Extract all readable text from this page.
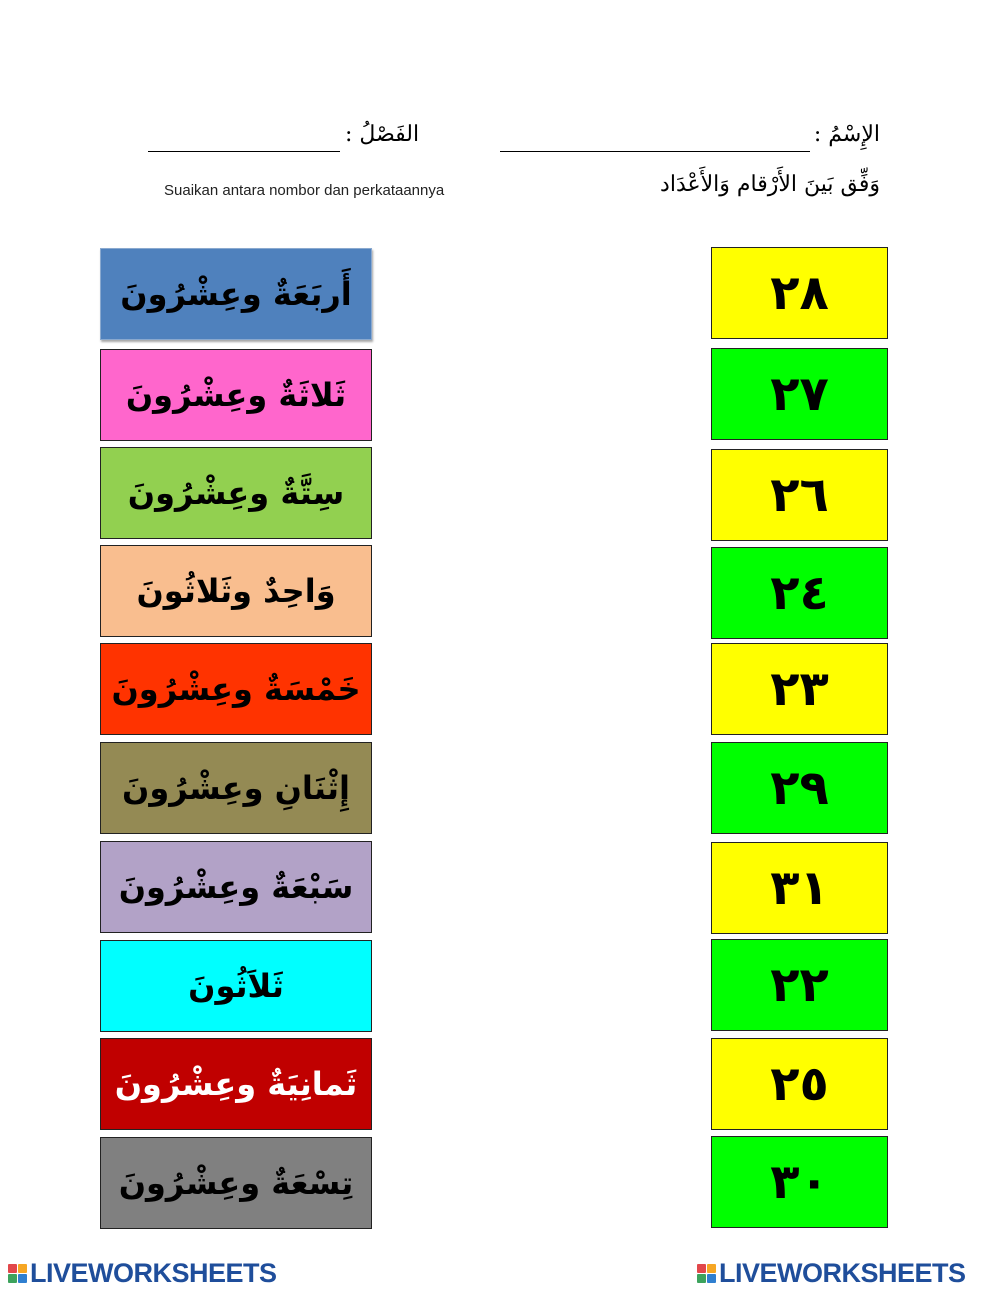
الإِسْمُ :
الفَصْلُ :
وَفِّق بَينَ الأَرْقام وَالأَعْدَاد
Suaikan antara nombor dan perkataannya
أَربَعَةٌ وعِشْرُونَ
ثَلاثَةٌ وعِشْرُونَ
سِتَّةٌ وعِشْرُونَ
وَاحِدٌ وثَلاثُونَ
خَمْسَةٌ وعِشْرُونَ
إِثْنَانِ وعِشْرُونَ
سَبْعَةٌ وعِشْرُونَ
ثَلاَثُونَ
ثَمانِيَةٌ وعِشْرُونَ
تِسْعَةٌ وعِشْرُونَ
٢٨
٢٧
٢٦
٢٤
٢٣
٢٩
٣١
٢٢
٢٥
٣٠
LIVEWORKSHEETS	LIVEWORKSHEETS
